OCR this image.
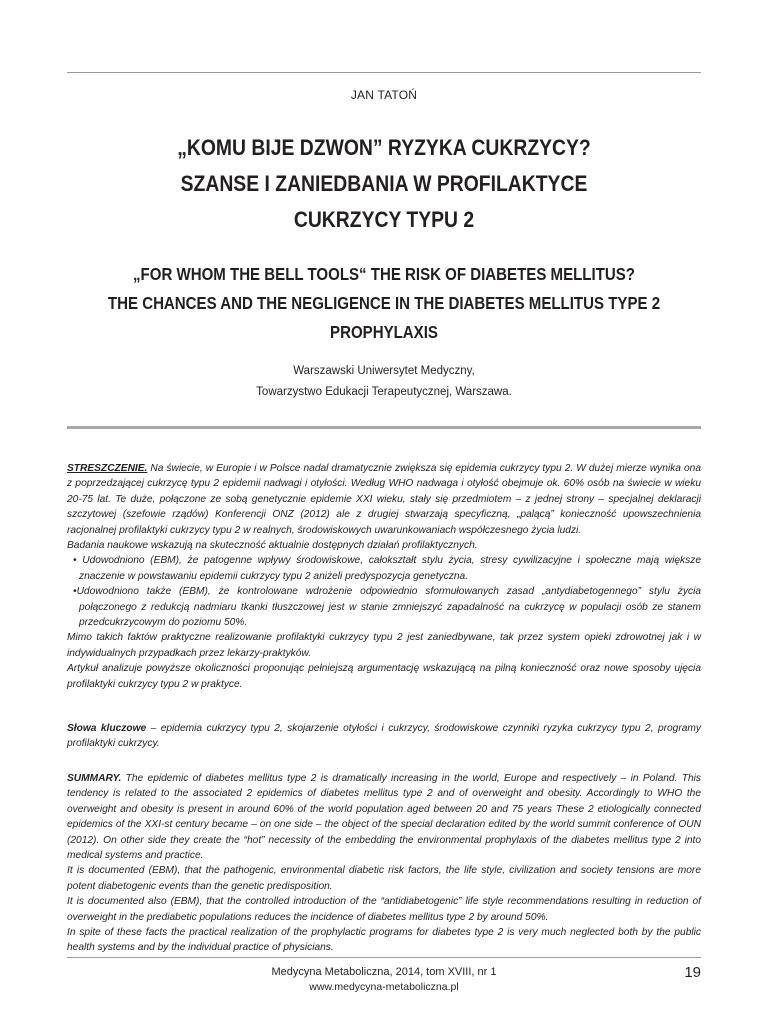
JAN TATOŃ
„KOMU BIJE DZWON” RYZYKA CUKRZYCY?
SZANSE I ZANIEDBANIA W PROFILAKTYCE
CUKRZYCY TYPU 2
„FOR WHOM THE BELL TOOLS“ THE RISK OF DIABETES MELLITUS?
THE CHANCES AND THE NEGLIGENCE IN THE DIABETES MELLITUS TYPE 2
PROPHYLAXIS
Warszawski Uniwersytet Medyczny,
Towarzystwo Edukacji Terapeutycznej, Warszawa.

STRESZCZENIE. Na świecie, w Europie i w Polsce nadal dramatycznie zwiększa się epidemia cukrzycy typu 2. W dużej mierze wynika ona z poprzedzającej cukrzycę typu 2 epidemii nadwagi i otyłości. Według WHO nadwaga i otyłość obejmuje ok. 60% osób na świecie w wieku 20-75 lat. Te duże, połączone ze sobą genetycznie epidemie XXI wieku, stały się przedmiotem – z jednej strony – specjalnej deklaracji szczytowej (szefowie rządów) Konferencji ONZ (2012) ale z drugiej stwarzają specyficzną, „palącą” konieczność upowszechnienia racjonalnej profilaktyki cukrzycy typu 2 w realnych, środowiskowych uwarunkowaniach współczesnego życia ludzi.

Badania naukowe wskazują na skuteczność aktualnie dostępnych działań profilaktycznych.

• Udowodniono (EBM), że patogenne wpływy środowiskowe, całokształt stylu życia, stresy cywilizacyjne i społeczne mają większe znaczenie w powstawaniu epidemii cukrzycy typu 2 aniżeli predyspozycja genetyczna.

•Udowodniono także (EBM), że kontrolowane wdrożenie odpowiednio sformułowanych zasad „antydiabetogennego” stylu życia połączonego z redukcją nadmiaru tkanki tłuszczowej jest w stanie zmniejszyć zapadalność na cukrzycę w populacji osób ze stanem przedcukrzycowym do poziomu 50%.

Mimo takich faktów praktyczne realizowanie profilaktyki cukrzycy typu 2 jest zaniedbywane, tak przez system opieki zdrowotnej jak i w indywidualnych przypadkach przez lekarzy-praktyków.

Artykuł analizuje powyższe okoliczności proponując pełniejszą argumentację wskazującą na pilną konieczność oraz nowe sposoby ujęcia profilaktyki cukrzycy typu 2 w praktyce.

Słowa kluczowe – epidemia cukrzycy typu 2, skojarzenie otyłości i cukrzycy, środowiskowe czynniki ryzyka cukrzycy typu 2, programy profilaktyki cukrzycy.

SUMMARY. The epidemic of diabetes mellitus type 2 is dramatically increasing in the world, Europe and respectively – in Poland. This tendency is related to the associated 2 epidemics of diabetes mellitus type 2 and of overweight and obesity. Accordingly to WHO the overweight and obesity is present in around 60% of the world population aged between 20 and 75 years These 2 etiologically connected epidemics of the XXI-st century became – on one side – the object of the special declaration edited by the world summit conference of OUN (2012). On other side they create the “hot” necessity of the embedding the environmental prophylaxis of the diabetes mellitus type 2 into medical systems and practice.

It is documented (EBM), that the pathogenic, environmental diabetic risk factors, the life style, civilization and society tensions are more potent diabetogenic events than the genetic predisposition.

It is documented also (EBM), that the controlled introduction of the “antidiabetogenic” life style recommendations resulting in reduction of overweight in the prediabetic populations reduces the incidence of diabetes mellitus type 2 by around 50%.

In spite of these facts the practical realization of the prophylactic programs for diabetes type 2 is very much neglected both by the public health systems and by the individual practice of physicians.

Medycyna Metaboliczna, 2014, tom XVIII, nr 1
www.medycyna-metaboliczna.pl
19
